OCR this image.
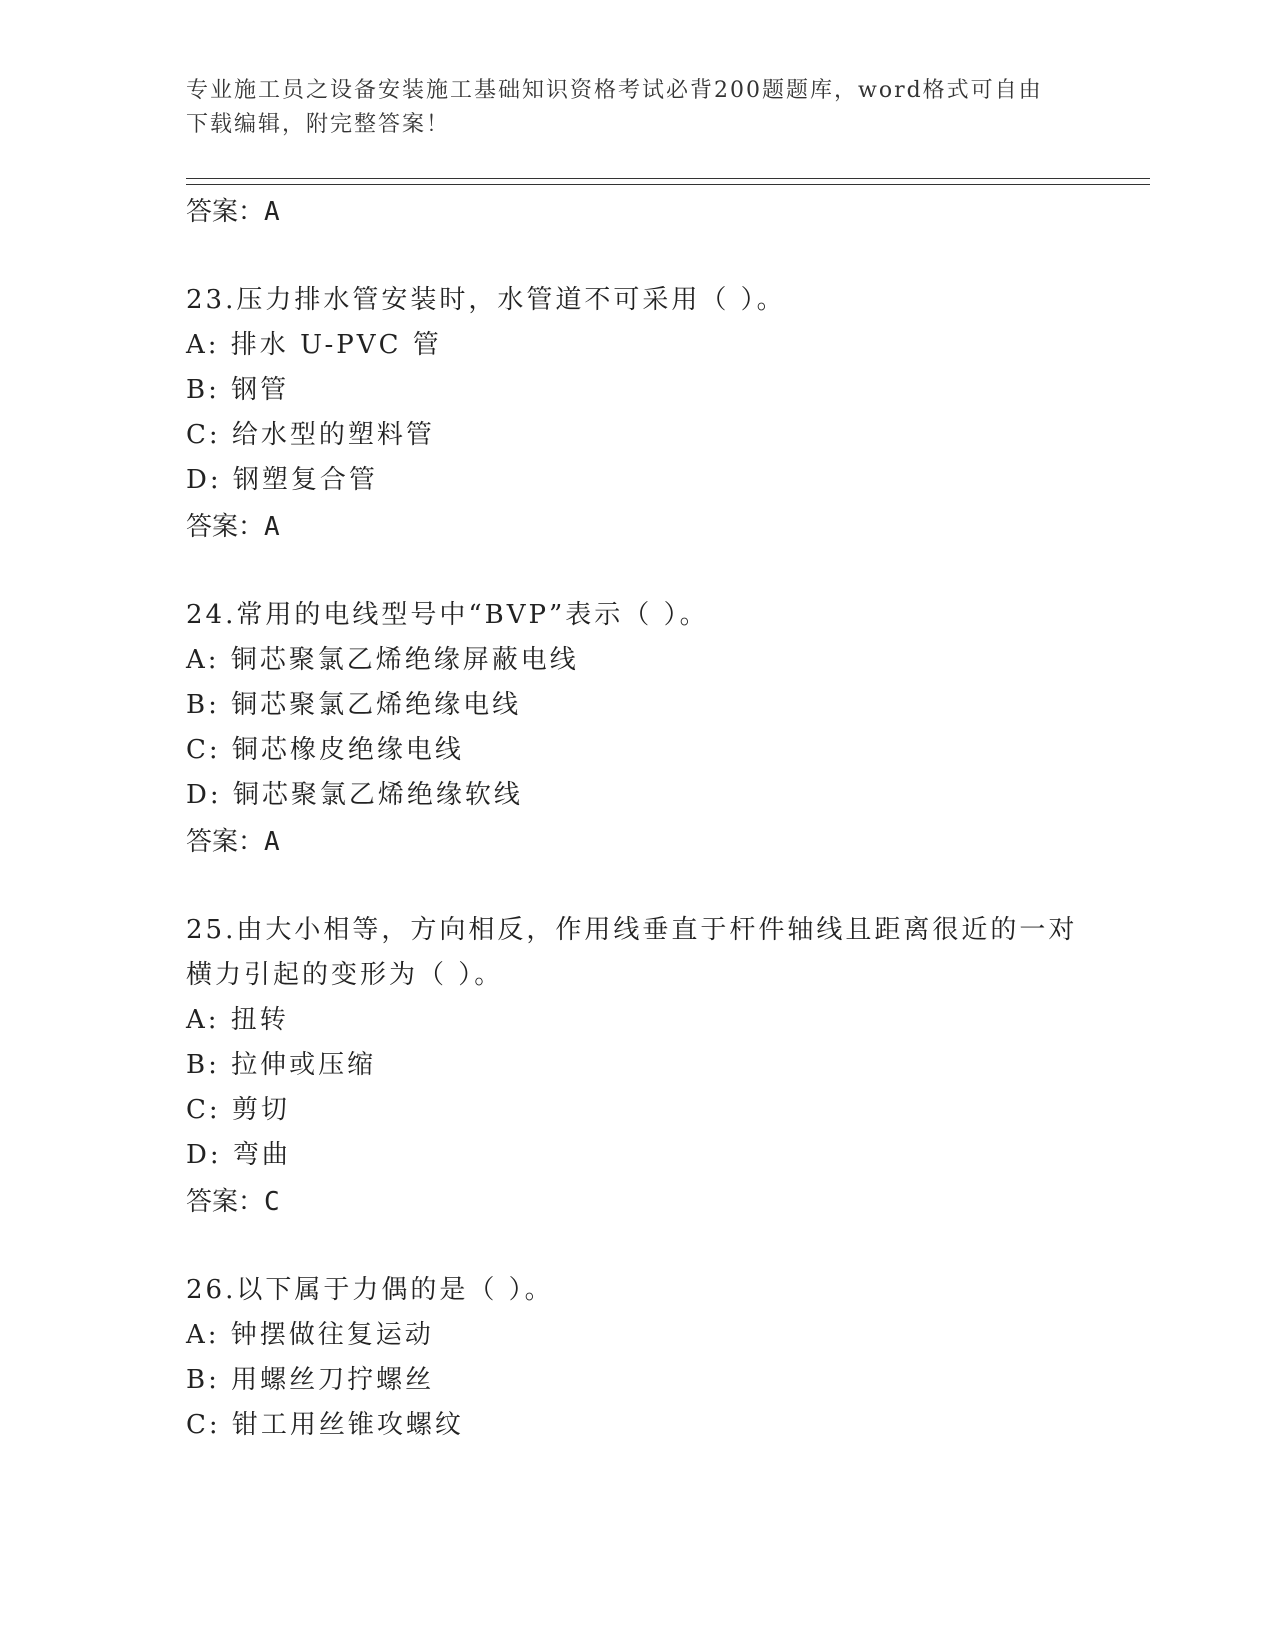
专业施工员之设备安装施工基础知识资格考试必背200题题库，word格式可自由
下载编辑，附完整答案！
答案：A
23.压力排水管安装时，水管道不可采用（ ）。
A: 排水 U-PVC 管
B: 钢管
C: 给水型的塑料管
D: 钢塑复合管
答案：A
24.常用的电线型号中“BVP”表示（ ）。
A: 铜芯聚氯乙烯绝缘屏蔽电线
B: 铜芯聚氯乙烯绝缘电线
C: 铜芯橡皮绝缘电线
D: 铜芯聚氯乙烯绝缘软线
答案：A
25.由大小相等，方向相反，作用线垂直于杆件轴线且距离很近的一对横力引起的变形为（ ）。
A: 扭转
B: 拉伸或压缩
C: 剪切
D: 弯曲
答案：C
26.以下属于力偶的是（ ）。
A: 钟摆做往复运动
B: 用螺丝刀拧螺丝
C: 钳工用丝锥攻螺纹
